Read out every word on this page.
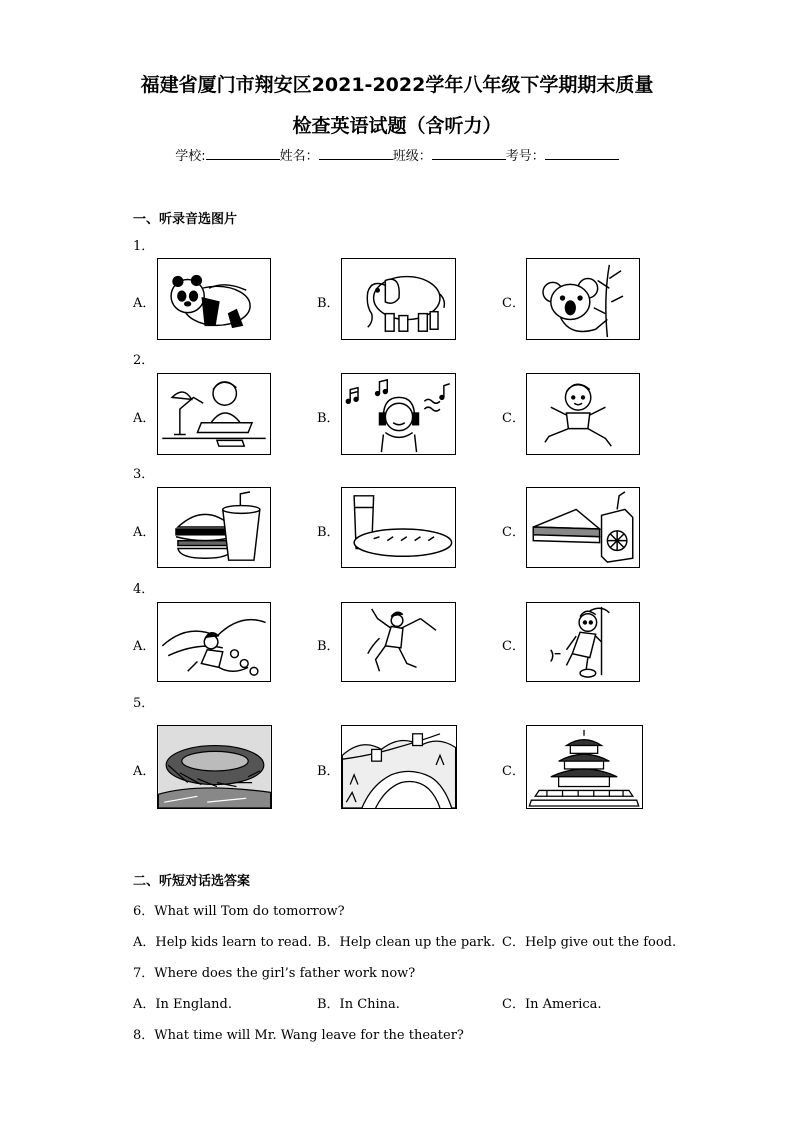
福建省厦门市翔安区2021-2022学年八年级下学期期末质量
检查英语试题（含听力）
学校:	姓名：	班级：	考号：
一、听录音选图片
1．
A．	B．	C．
2．
A．	B．	C．
3．
A．	B．	C．
4．
A．	B．	C．
5．
A．	B．	C．
二、听短对话选答案
6．What will Tom do tomorrow?
A．Help kids learn to read. B．Help clean up the park. C．Help give out the food.
7．Where does the girl’s father work now?
A．In England.	B．In China.	C．In America.
8．What time will Mr. Wang leave for the theater?
